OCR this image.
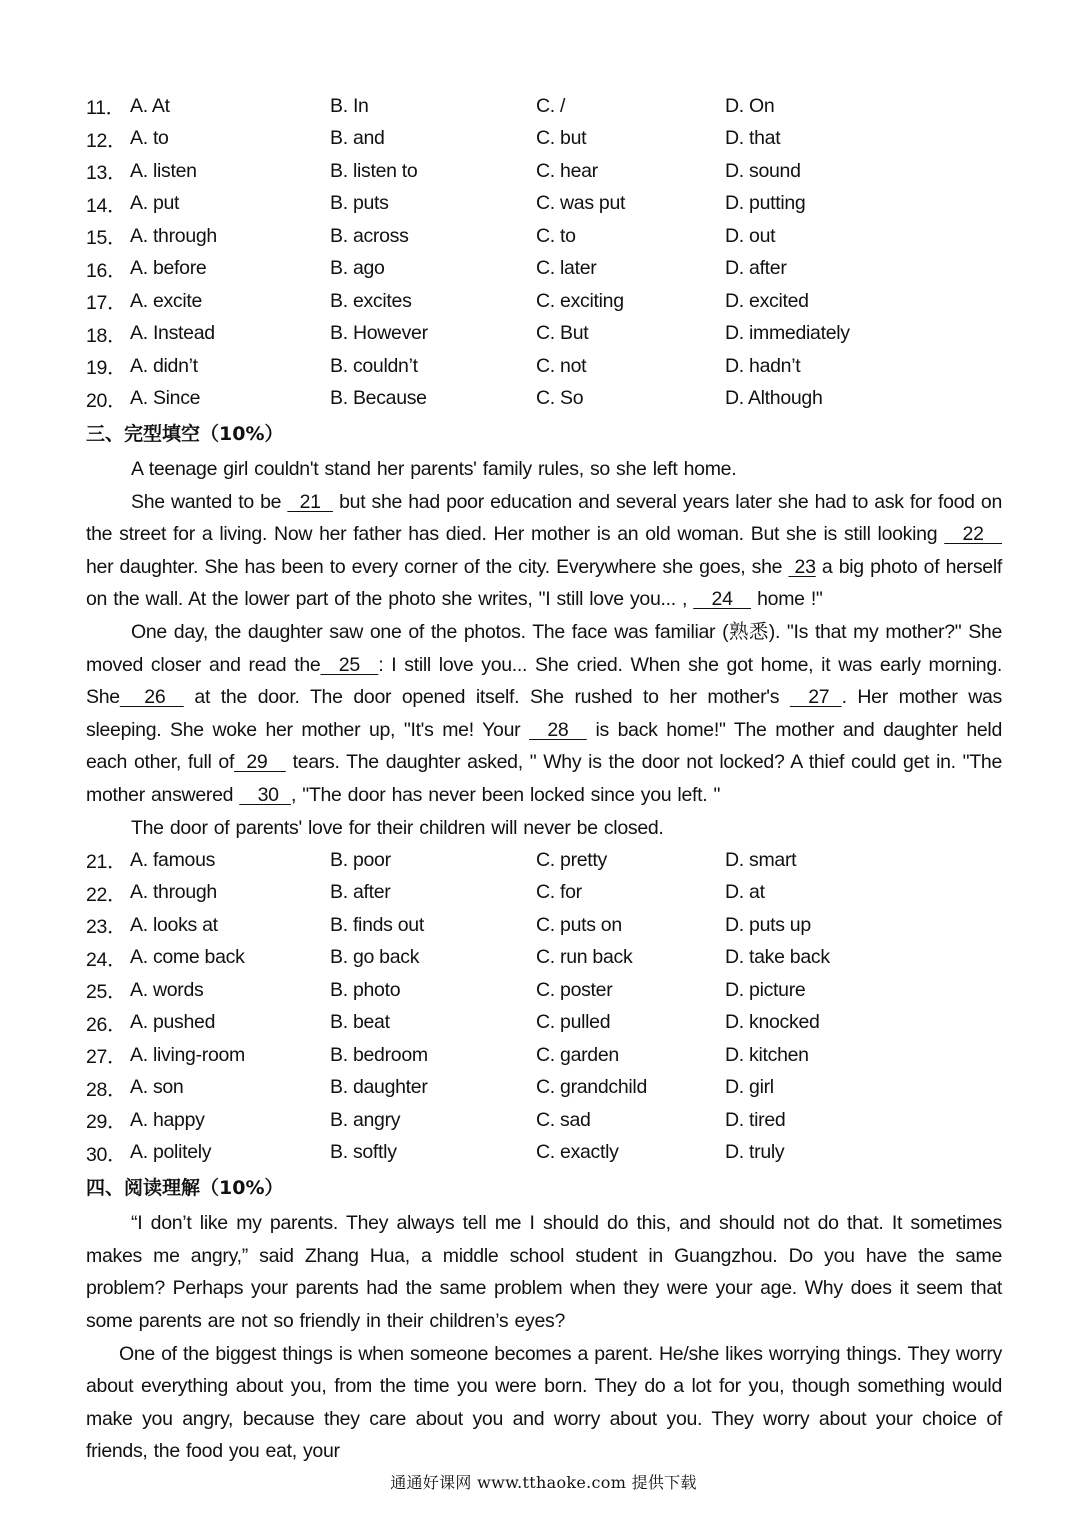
11． A. At	B. In	C. /	D. On
12． A. to	B. and	C. but	D. that
13． A. listen	B. listen to	C. hear	D. sound
14． A. put	B. puts	C. was put	D. putting
15． A. through	B. across	C. to	D. out
16． A. before	B. ago	C. later	D. after
17． A. excite	B. excites	C. exciting	D. excited
18． A. Instead	B. However	C. But	D. immediately
19． A. didn’t	B. couldn’t	C. not	D. hadn’t
20． A. Since	B. Because	C. So	D. Although
三、完型填空（10%）
A teenage girl couldn't stand her parents' family rules, so she left home.
She wanted to be   21   but she had poor education and several years later she had to ask for food on the street for a living. Now her father has died. Her mother is an old woman. But she is still looking    22    her daughter. She has been to every corner of the city. Everywhere she goes, she  23 a big photo of herself on the wall. At the lower part of the photo she writes, "I still love you... ,    24    home !"
One day, the daughter saw one of the photos. The face was familiar (熟悉). "Is that my mother?" She moved closer and read the   25   : I still love you... She cried. When she got home, it was early morning. She    26    at the door. The door opened itself. She rushed to her mother's    27  . Her mother was sleeping. She woke her mother up, "It's me! Your    28    is back home!" The mother and daughter held each other, full of  29    tears. The daughter asked, " Why is the door not locked? A thief could get in. "The mother answered    30  , "The door has never been locked since you left. "
The door of parents' love for their children will never be closed.
21． A. famous	B. poor	C. pretty	D. smart
22． A. through	B. after	C. for	D. at
23． A. looks at	B. finds out	C. puts on	D. puts up
24． A. come back	B. go back	C. run back	D. take back
25． A. words	B. photo	C. poster	D. picture
26． A. pushed	B. beat	C. pulled	D. knocked
27． A. living-room	B. bedroom	C. garden	D. kitchen
28． A. son	B. daughter	C. grandchild	D. girl
29． A. happy	B. angry	C. sad	D. tired
30． A. politely	B. softly	C. exactly	D. truly
四、阅读理解（10%）
“I don’t like my parents. They always tell me I should do this, and should not do that. It sometimes makes me angry,” said Zhang Hua, a middle school student in Guangzhou. Do you have the same problem? Perhaps your parents had the same problem when they were your age. Why does it seem that some parents are not so friendly in their children’s eyes?
One of the biggest things is when someone becomes a parent. He/she likes worrying things. They worry about everything about you, from the time you were born. They do a lot for you, though something would make you angry, because they care about you and worry about you. They worry about your choice of friends, the food you eat, your
通通好课网 www.tthaoke.com 提供下载
